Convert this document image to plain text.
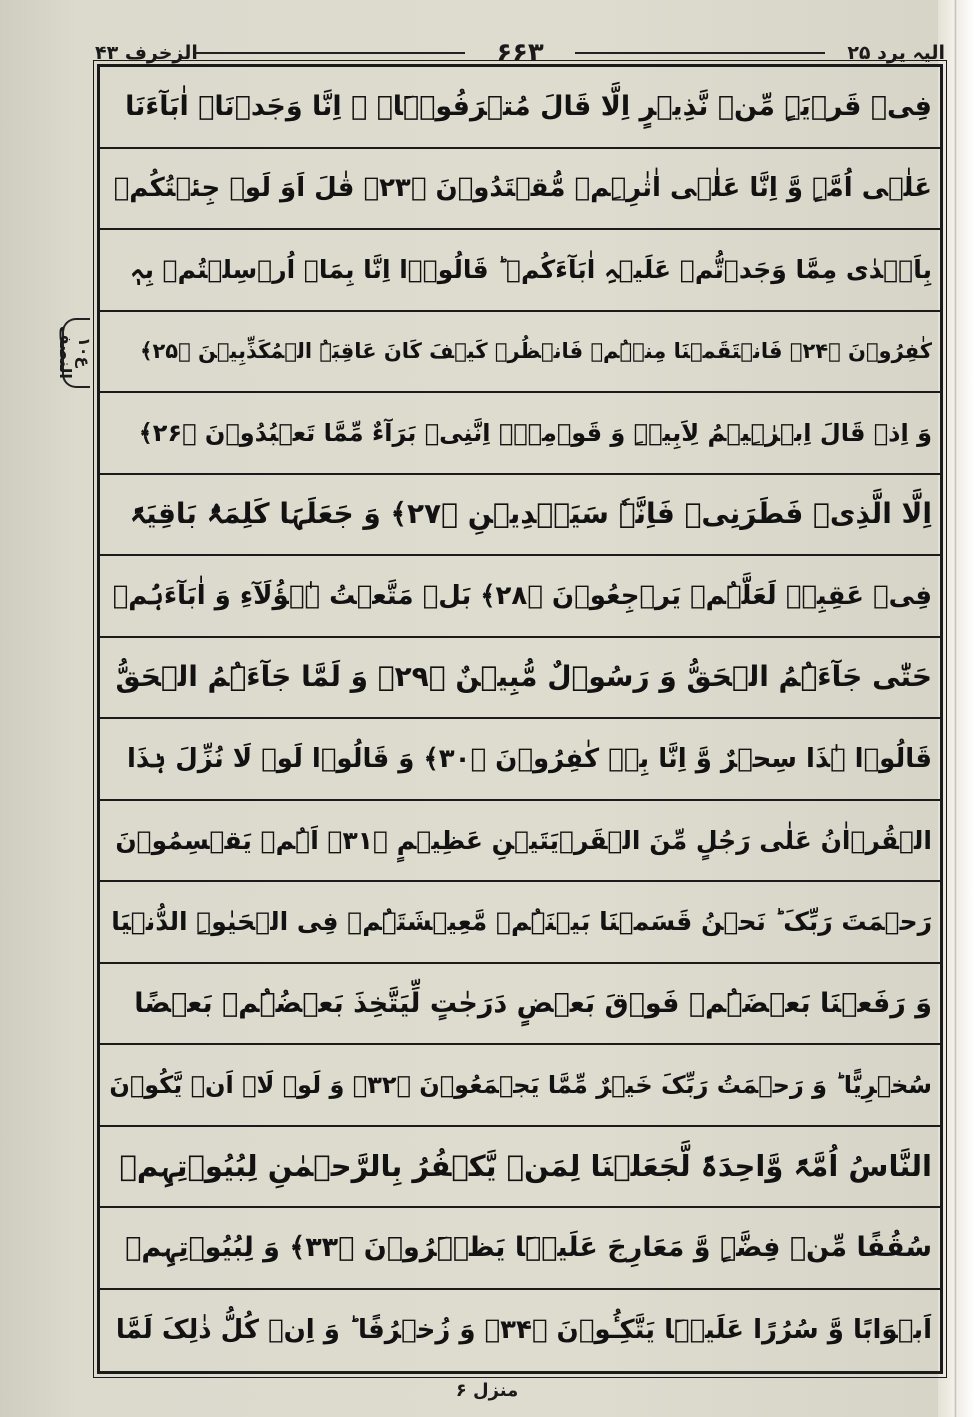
الیہ یرد ۲۵
۶۶۳
الزخرف ۴۳
ع۱۰ النصف
فِیۡ قَرۡیَۃٍ مِّنۡ نَّذِیۡرٍ اِلَّا قَالَ مُتۡرَفُوۡہَاۤ ۙ اِنَّا وَجَدۡنَاۤ اٰبَآءَنَا
عَلٰۤی اُمَّۃٍ وَّ اِنَّا عَلٰۤی اٰثٰرِہِمۡ مُّقۡتَدُوۡنَ ﴿۲۳﴾ قٰلَ اَوَ لَوۡ جِئۡتُکُمۡ
بِاَہۡدٰی مِمَّا وَجَدۡتُّمۡ عَلَیۡہِ اٰبَآءَکُمۡ ؕ قَالُوۡۤا اِنَّا بِمَاۤ اُرۡسِلۡتُمۡ بِہٖ
کٰفِرُوۡنَ ﴿۲۴﴾ فَانۡتَقَمۡنَا مِنۡہُمۡ فَانۡظُرۡ کَیۡفَ کَانَ عَاقِبَۃُ الۡمُکَذِّبِیۡنَ ﴿۲۵﴾
وَ اِذۡ قَالَ اِبۡرٰہِیۡمُ لِاَبِیۡہِ وَ قَوۡمِہٖۤ اِنَّنِیۡ بَرَآءٌ مِّمَّا تَعۡبُدُوۡنَ ﴿۲۶﴾
اِلَّا الَّذِیۡ فَطَرَنِیۡ فَاِنَّہٗ سَیَہۡدِیۡنِ ﴿۲۷﴾ وَ جَعَلَہَا کَلِمَۃًۢ بَاقِیَۃً
فِیۡ عَقِبِہٖ لَعَلَّہُمۡ یَرۡجِعُوۡنَ ﴿۲۸﴾ بَلۡ مَتَّعۡتُ ہٰۤؤُلَآءِ وَ اٰبَآءَہُمۡ
حَتّٰی جَآءَہُمُ الۡحَقُّ وَ رَسُوۡلٌ مُّبِیۡنٌ ﴿۲۹﴾ وَ لَمَّا جَآءَہُمُ الۡحَقُّ
قَالُوۡا ہٰذَا سِحۡرٌ وَّ اِنَّا بِہٖ کٰفِرُوۡنَ ﴿۳۰﴾ وَ قَالُوۡا لَوۡ لَا نُزِّلَ ہٰذَا
الۡقُرۡاٰنُ عَلٰی رَجُلٍ مِّنَ الۡقَرۡیَتَیۡنِ عَظِیۡمٍ ﴿۳۱﴾ اَہُمۡ یَقۡسِمُوۡنَ
رَحۡمَتَ رَبِّکَ ؕ نَحۡنُ قَسَمۡنَا بَیۡنَہُمۡ مَّعِیۡشَتَہُمۡ فِی الۡحَیٰوۃِ الدُّنۡیَا
وَ رَفَعۡنَا بَعۡضَہُمۡ فَوۡقَ بَعۡضٍ دَرَجٰتٍ لِّیَتَّخِذَ بَعۡضُہُمۡ بَعۡضًا
سُخۡرِیًّا ؕ وَ رَحۡمَتُ رَبِّکَ خَیۡرٌ مِّمَّا یَجۡمَعُوۡنَ ﴿۳۲﴾ وَ لَوۡ لَاۤ اَنۡ یَّکُوۡنَ
النَّاسُ اُمَّۃً وَّاحِدَۃً لَّجَعَلۡنَا لِمَنۡ یَّکۡفُرُ بِالرَّحۡمٰنِ لِبُیُوۡتِہِمۡ
سُقُفًا مِّنۡ فِضَّۃٍ وَّ مَعَارِجَ عَلَیۡہَا یَظۡہَرُوۡنَ ﴿۳۳﴾ وَ لِبُیُوۡتِہِمۡ
اَبۡوَابًا وَّ سُرُرًا عَلَیۡہَا یَتَّکِـُٔوۡنَ ﴿۳۴﴾ وَ زُخۡرُفًا ؕ وَ اِنۡ کُلُّ ذٰلِکَ لَمَّا
منزل ۶
